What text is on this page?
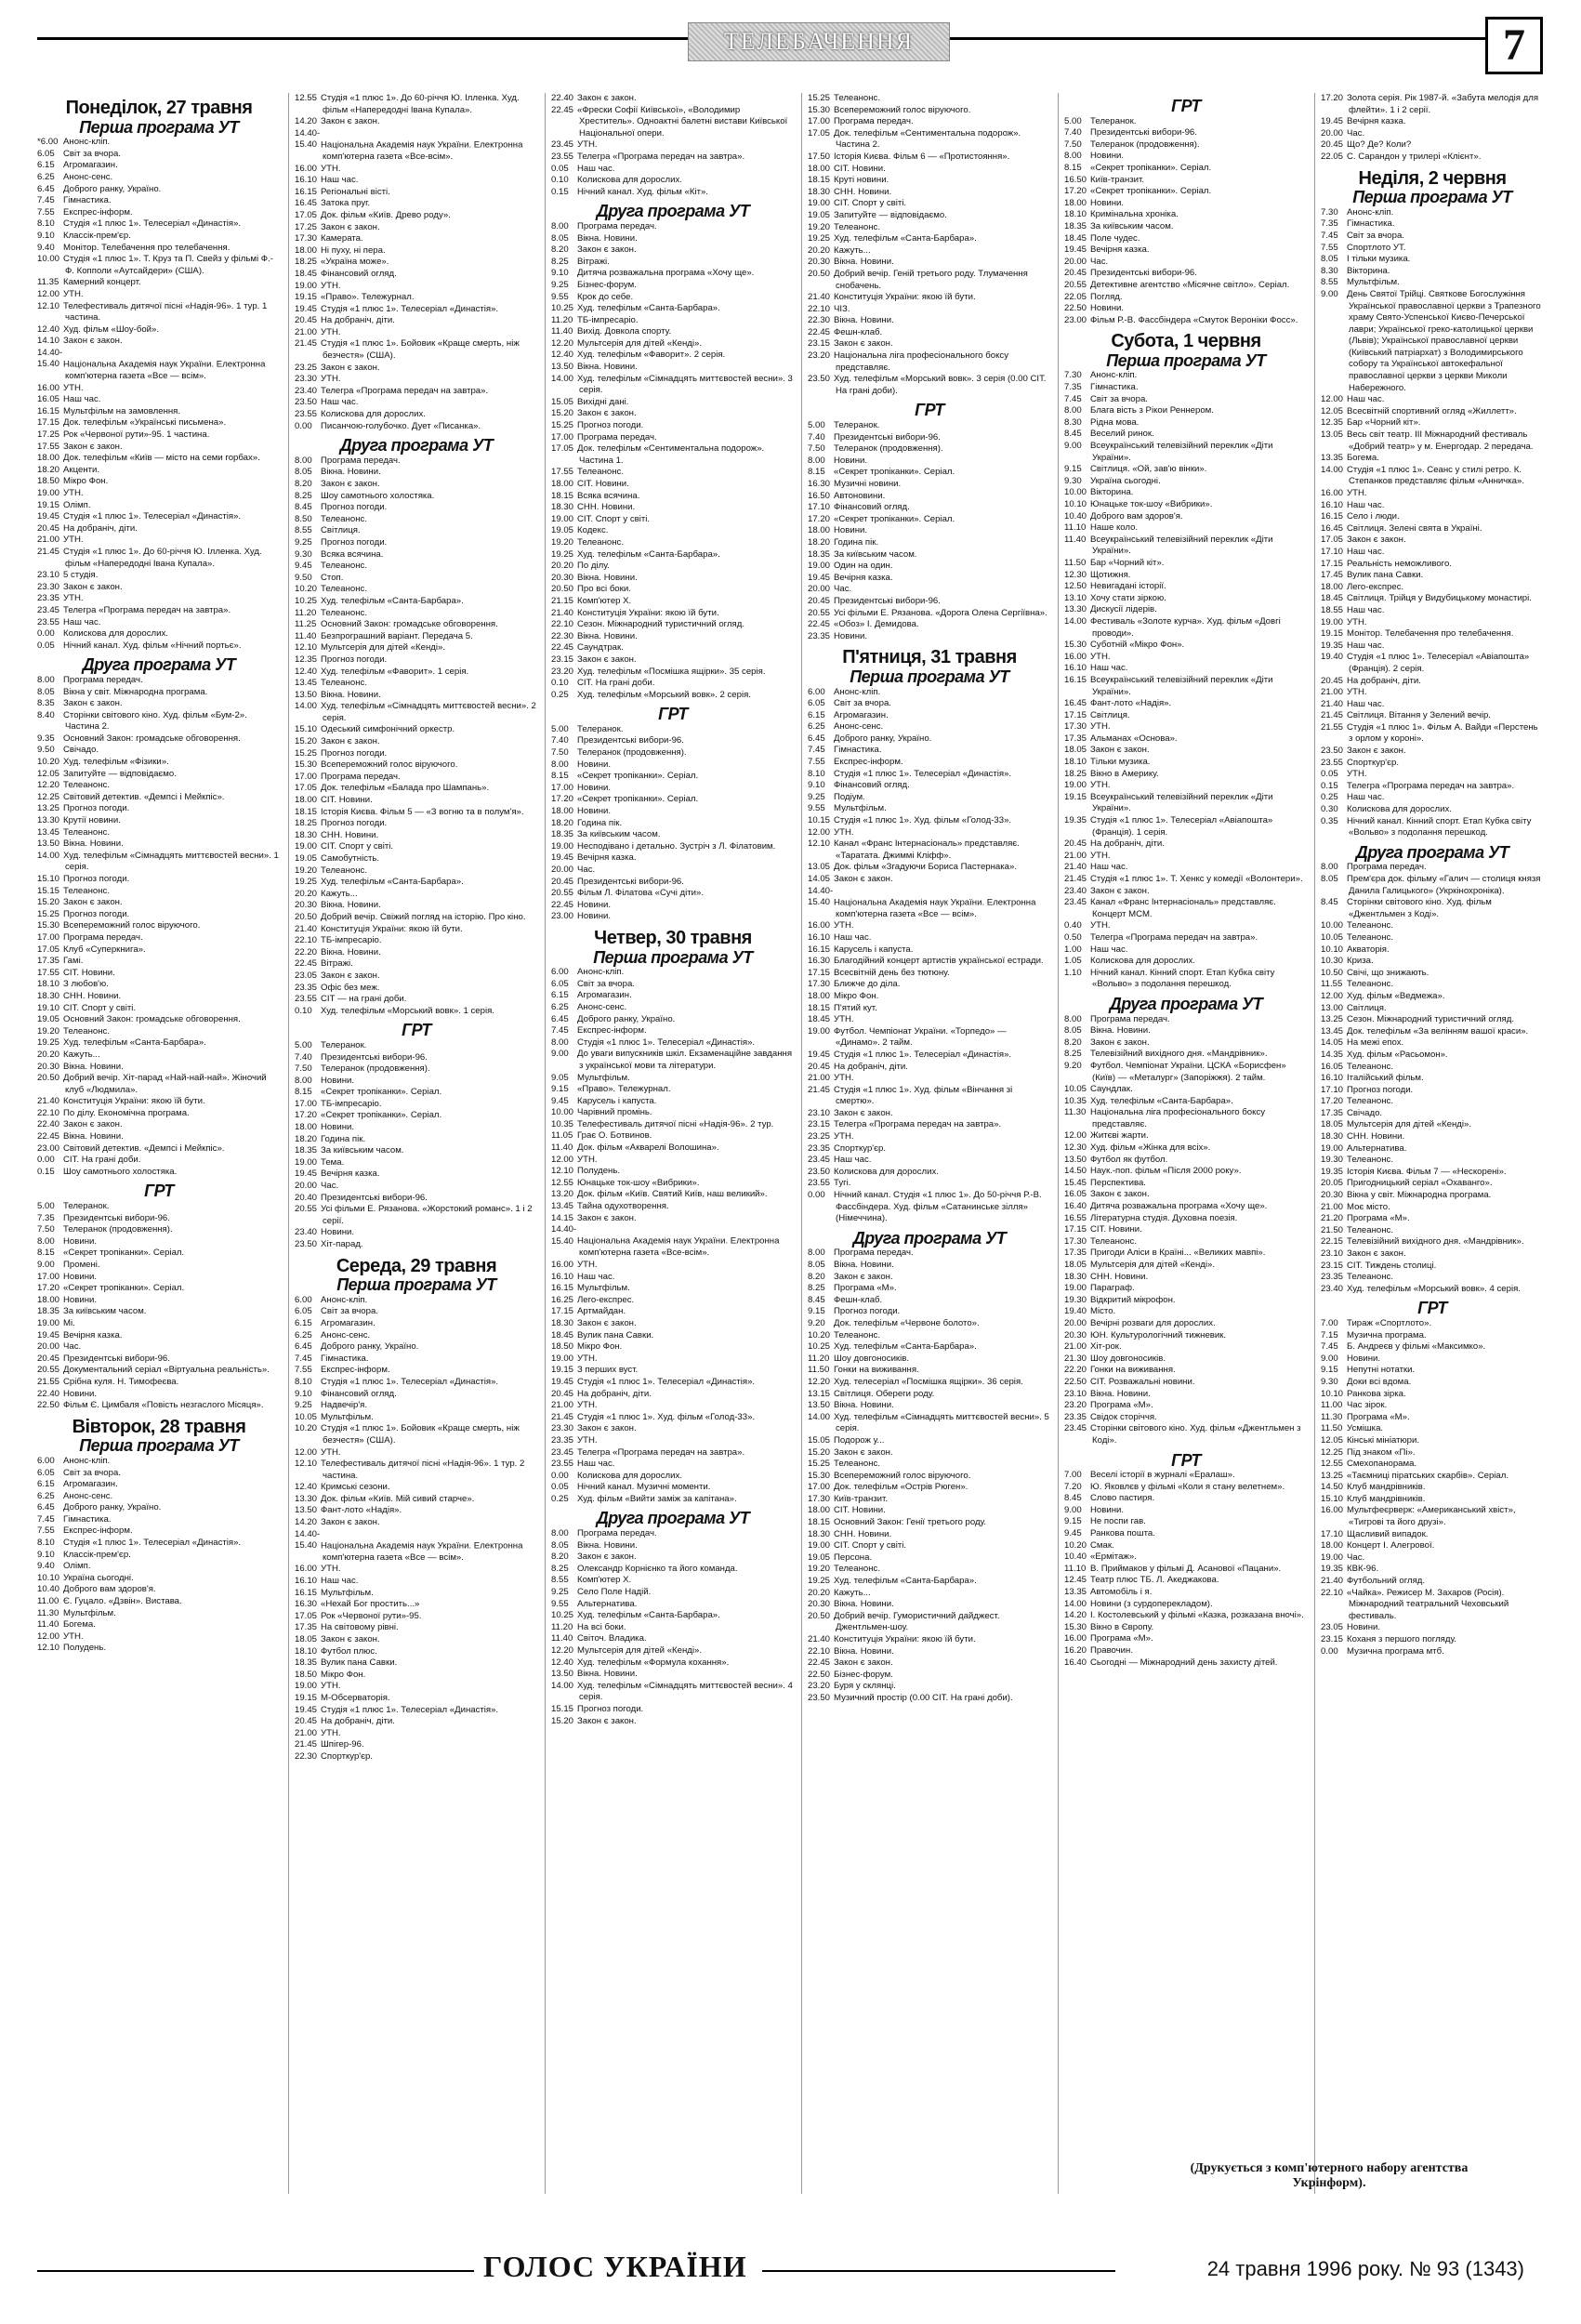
ТЕЛЕБАЧЕННЯ	7
Понеділок, 27 травня
Перша програма УТ
*6.00 Анонс-кліп.
6.05 Світ за вчора.
6.15 Агромагазин.
6.25 Анонс-сенс.
6.45 Доброго ранку, Україно.
7.45 Гімнастика.
7.55 Експрес-інформ.
8.10 Студія «1 плюс 1». Телесеріал «Династія».
9.10 Классік-прем'єр.
9.40 Монітор. Телебачення про телебачення.
10.00 Студія «1 плюс 1». Т. Круз та П. Свейз у фільмі Ф.-Ф. Копполи «Аутсайдери» (США).
11.35 Камерний концерт.
12.00 УТН.
12.10 Телефестиваль дитячої пісні «Надія-96». 1 тур. 1 частина.
12.40 Худ. фільм «Шоу-бой».
14.10 Закон є закон.
14.40-15.40 Національна Академія наук України. Електронна комп'ютерна газета «Все — всім».
16.00 УТН.
16.05 Наш час.
16.15 Мультфільм на замовлення.
17.15 Док. телефільм «Українські письмена».
17.25 Рок «Червоної рути»-95. 1 частина.
17.55 Закон є закон.
18.00 Док. телефільм «Київ — місто на семи горбах».
18.20 Акценти.
18.50 Мікро Фон.
19.00 УТН.
19.15 Олімп.
19.45 Студія «1 плюс 1». Телесеріал «Династія».
20.45 На добраніч, діти.
21.00 УТН.
21.45 Студія «1 плюс 1». До 60-річчя Ю. Ілленка. Худ. фільм «Напередодні Івана Купала».
23.10 5 студія.
23.30 Закон є закон.
23.35 УТН.
23.45 Телегра «Програма передач на завтра».
23.55 Наш час.
0.00 Колискова для дорослих.
0.05 Нічний канал. Худ. фільм «Нічний портьє».
Друга програма УТ
8.00 Програма передач.
8.05 Вікна у світ. Міжнародна програма.
8.35 Закон є закон.
8.40 Сторінки світового кіно. Худ. фільм «Бум-2». Частина 2.
9.35 Основний Закон: громадське обговорення.
9.50 Свічадо.
10.20 Худ. телефільм «Фізики».
12.05 Запитуйте — відповідаємо.
12.20 Телеанонс.
12.25 Світовий детектив. «Демпсі і Мейкпіс».
13.25 Прогноз погоди.
13.30 Крутії новини.
13.45 Телеанонс.
13.50 Вікна. Новини.
14.00 Худ. телефільм «Сімнадцять миттєвостей весни». 1 серія.
15.10 Прогноз погоди.
15.15 Телеанонс.
15.20 Закон є закон.
15.25 Прогноз погоди.
15.30 Всепереможний голос віруючого.
17.00 Програма передач.
17.05 Клуб «Суперкнига».
17.35 Гамі.
17.55 СІТ. Новини.
18.10 З любов'ю.
18.30 СНН. Новини.
19.10 СІТ. Спорт у світі.
19.05 Основний Закон: громадське обговорення.
19.20 Телеанонс.
19.25 Худ. телефільм «Санта-Барбара».
20.20 Кажуть...
20.30 Вікна. Новини.
20.50 Добрий вечір. Хіт-парад «Най-най-най». Жіночий клуб «Людмила».
21.40 Конституція України: якою їй бути.
22.10 По ділу. Економічна програма.
22.40 Закон є закон.
22.45 Вікна. Новини.
23.00 Світовий детектив. «Демпсі і Мейкпіс».
0.00 СІТ. На грані доби.
0.15 Шоу самотнього холостяка.
ГРТ
5.00 Телеранок.
7.35 Президентські вибори-96.
7.50 Телеранок (продовження).
8.00 Новини.
8.15 «Секрет тропіканки». Серіал.
9.00 Промені.
17.00 Новини.
17.20 «Секрет тропіканки». Серіал.
18.00 Новини.
18.35 За київським часом.
19.00 Мі.
19.45 Вечірня казка.
20.00 Час.
20.45 Президентські вибори-96.
20.55 Документальний серіал «Віртуальна реальність».
21.55 Срібна куля. Н. Тимофеєва.
22.40 Новини.
22.50 Фільм Є. Цимбаля «Повість незгаслого Місяця».
Вівторок, 28 травня
Перша програма УТ
6.00 Анонс-кліп.
6.05 Світ за вчора.
6.15 Агромагазин.
6.25 Анонс-сенс.
6.45 Доброго ранку, Україно.
7.45 Гімнастика.
7.55 Експрес-інформ.
8.10 Студія «1 плюс 1». Телесеріал «Династія».
9.10 Классік-прем'єр.
9.40 Олімп.
10.10 Україна сьогодні.
10.40 Доброго вам здоров'я.
11.00 Є. Гуцало. «Дзвін». Вистава.
11.30 Мультфільм.
11.40 Богема.
12.00 УТН.
12.10 Полудень.
12.55 Студія «1 плюс 1». До 60-річчя Ю. Ілленка. Худ. фільм «Напередодні Івана Купала».
14.20 Закон є закон.
14.40-15.40 Національна Академія наук України. Електронна комп'ютерна газета «Все-всім».
16.00 УТН.
16.10 Наш час.
16.15 Регіональні вісті.
16.45 Затока пруг.
17.05 Док. фільм «Київ. Древо роду».
17.25 Закон є закон.
17.30 Камерата.
18.00 Ні пуху, ні пера.
18.25 «Україна може».
18.45 Фінансовий огляд.
19.00 УТН.
19.15 «Право». Тележурнал.
19.45 Студія «1 плюс 1». Телесеріал «Династія».
20.45 На добраніч, діти.
21.00 УТН.
21.45 Студія «1 плюс 1». Бойовик «Краще смерть, ніж безчестя» (США).
23.25 Закон є закон.
23.30 УТН.
23.40 Телегра «Програма передач на завтра».
23.50 Наш час.
23.55 Колискова для дорослих.
0.00 Писанчою-голубочко. Дует «Писанка».
Друга програма УТ
8.00 Програма передач.
8.05 Вікна. Новини.
8.20 Закон є закон.
8.25 Шоу самотнього холостяка.
8.45 Прогноз погоди.
8.50 Телеанонс.
8.55 Світлиця.
9.25 Прогноз погоди.
9.30 Всяка всячина.
9.45 Телеанонс.
9.50 Стоп.
10.20 Телеанонс.
10.25 Худ. телефільм «Санта-Барбара».
11.20 Телеанонс.
11.25 Основний Закон: громадське обговорення.
11.40 Безпрограшний варіант. Передача 5.
12.10 Мультсерія для дітей «Кенді».
12.35 Прогноз погоди.
12.40 Худ. телефільм «Фаворит». 1 серія.
13.45 Телеанонс.
13.50 Вікна. Новини.
14.00 Худ. телефільм «Сімнадцять миттєвостей весни». 2 серія.
15.10 Одеський симфонічний оркестр.
15.20 Закон є закон.
15.25 Прогноз погоди.
15.30 Всепереможний голос віруючого.
17.00 Програма передач.
17.05 Док. телефільм «Балада про Шампань».
18.00 СІТ. Новини.
18.15 Історія Києва. Фільм 5 — «З вогню та в полум'я».
18.25 Прогноз погоди.
18.30 СНН. Новини.
19.00 СІТ. Спорт у світі.
19.05 Самобутність.
19.20 Телеанонс.
19.25 Худ. телефільм «Санта-Барбара».
20.20 Кажуть...
20.30 Вікна. Новини.
20.50 Добрий вечір. Свіжий погляд на історію. Про кіно.
21.40 Конституція України: якою їй бути.
22.10 ТБ-імпресаріо.
22.20 Вікна. Новини.
22.45 Вітражі.
23.05 Закон є закон.
23.35 Офіс без меж.
23.55 СІТ — на грані доби.
0.10 Худ. телефільм «Морський вовк». 1 серія.
ГРТ
5.00 Телеранок.
7.40 Президентські вибори-96.
7.50 Телеранок (продовження).
8.00 Новини.
8.15 «Секрет тропіканки». Серіал.
17.00 ТБ-імпресаріо.
17.20 «Секрет тропіканки». Серіал.
18.00 Новини.
18.20 Година пік.
18.35 За київським часом.
19.00 Тема.
19.45 Вечірня казка.
20.00 Час.
20.40 Президентські вибори-96.
20.55 Усі фільми Е. Рязанова. «Жорстокий романс». 1 і 2 серії.
23.40 Новини.
23.50 Хіт-парад.
Середа, 29 травня
Перша програма УТ
6.00 Анонс-кліп.
6.05 Світ за вчора.
6.15 Агромагазин.
6.25 Анонс-сенс.
6.45 Доброго ранку, Україно.
7.45 Гімнастика.
7.55 Експрес-інформ.
8.10 Студія «1 плюс 1». Телесеріал «Династія».
9.10 Фінансовий огляд.
9.25 Надвечір'я.
10.05 Мультфільм.
10.20 Студія «1 плюс 1». Бойовик «Краще смерть, ніж безчестя» (США).
12.00 УТН.
12.10 Телефестиваль дитячої пісні «Надія-96». 1 тур. 2 частина.
12.40 Кримські сезони.
13.30 Док. фільм «Київ. Мій сивий старче».
13.50 Фант-лото «Надія».
14.20 Закон є закон.
14.40-15.40 Національна Академія наук України. Електронна комп'ютерна газета «Все — всім».
16.00 УТН.
16.10 Наш час.
16.15 Мультфільм.
16.30 «Нехай Бог простить...»
17.05 Рок «Червоної рути»-95.
17.35 На світовому рівні.
18.05 Закон є закон.
18.10 Футбол плюс.
18.35 Вулик пана Савки.
18.50 Мікро Фон.
19.00 УТН.
19.15 М-Обсерваторія.
19.45 Студія «1 плюс 1». Телесеріал «Династія».
20.45 На добраніч, діти.
21.00 УТН.
21.45 Шпігер-96.
22.30 Спорткур'єр.
22.40 Закон є закон.
22.45 «Фрески Софії Київської», «Володимир Хреститель». Одноактні балетні вистави Київської Національної опери.
23.45 УТН.
23.55 Телегра «Програма передач на завтра».
0.05 Наш час.
0.10 Колискова для дорослих.
0.15 Нічний канал. Худ. фільм «Кіт».
Друга програма УТ
8.00 Програма передач.
8.05 Вікна. Новини.
8.20 Закон є закон.
8.25 Вітражі.
9.10 Дитяча розважальна програма «Хочу ще».
9.25 Бізнес-форум.
9.55 Крок до себе.
10.25 Худ. телефільм «Санта-Барбара».
11.20 ТБ-імпресаріо.
11.40 Вихід. Довкола спорту.
12.20 Мультсерія для дітей «Кенді».
12.40 Худ. телефільм «Фаворит». 2 серія.
13.50 Вікна. Новини.
14.00 Худ. телефільм «Сімнадцять миттєвостей весни». 3 серія.
15.05 Вихідні дані.
15.20 Закон є закон.
15.25 Прогноз погоди.
17.00 Програма передач.
17.05 Док. телефільм «Сентиментальна подорож». Частина 1.
17.55 Телеанонс.
18.00 СІТ. Новини.
18.15 Всяка всячина.
18.30 СНН. Новини.
19.00 СІТ. Спорт у світі.
19.05 Кодекс.
19.20 Телеанонс.
19.25 Худ. телефільм «Санта-Барбара».
20.20 По ділу.
20.30 Вікна. Новини.
20.50 Про всі боки.
21.15 Комп'ютер Х.
21.40 Конституція України: якою їй бути.
22.10 Сезон. Міжнародний туристичний огляд.
22.30 Вікна. Новини.
22.45 Саундтрак.
23.15 Закон є закон.
23.20 Худ. телефільм «Посмішка ящірки». 35 серія.
0.10 СІТ. На грані доби.
0.25 Худ. телефільм «Морський вовк». 2 серія.
ГРТ
5.00 Телеранок.
7.40 Президентські вибори-96.
7.50 Телеранок (продовження).
8.00 Новини.
8.15 «Секрет тропіканки». Серіал.
17.00 Новини.
17.20 «Секрет тропіканки». Серіал.
18.00 Новини.
18.20 Година пік.
18.35 За київським часом.
19.00 Несподівано і детально. Зустріч з Л. Філатовим.
19.45 Вечірня казка.
20.00 Час.
20.45 Президентські вибори-96.
20.55 Фільм Л. Філатова «Сучі діти».
22.45 Новини.
23.00 Новини.
Четвер, 30 травня
Перша програма УТ
6.00 Анонс-кліп.
6.05 Світ за вчора.
6.15 Агромагазин.
6.25 Анонс-сенс.
6.45 Доброго ранку, Україно.
7.45 Експрес-інформ.
8.00 Студія «1 плюс 1». Телесеріал «Династія».
9.00 До уваги випускників шкіл. Екзаменаційне завдання з української мови та літератури.
9.05 Мультфільм.
9.15 «Право». Тележурнал.
9.45 Карусель і капуста.
10.00 Чарівний промінь.
10.35 Телефестиваль дитячої пісні «Надія-96». 2 тур.
11.05 Грає О. Ботвинов.
11.40 Док. фільм «Акварелі Волошина».
12.00 УТН.
12.10 Полудень.
12.55 Юнацьке ток-шоу «Вибрики».
13.20 Док. фільм «Київ. Святий Київ, наш великий».
13.45 Тайна одухотворення.
14.15 Закон є закон.
14.40-15.40 Національна Академія наук України. Електронна комп'ютерна газета «Все-всім».
16.00 УТН.
16.10 Наш час.
16.15 Мультфільм.
16.25 Лего-експрес.
17.15 Артмайдан.
18.30 Закон є закон.
18.45 Вулик пана Савки.
18.50 Мікро Фон.
19.00 УТН.
19.15 З перших вуст.
19.45 Студія «1 плюс 1». Телесеріал «Династія».
20.45 На добраніч, діти.
21.00 УТН.
21.45 Студія «1 плюс 1». Худ. фільм «Голод-33».
23.30 Закон є закон.
23.35 УТН.
23.45 Телегра «Програма передач на завтра».
23.55 Наш час.
0.00 Колискова для дорослих.
0.05 Нічний канал. Музичні моменти.
0.25 Худ. фільм «Вийти заміж за капітана».
Друга програма УТ
8.00 Програма передач.
8.05 Вікна. Новини.
8.20 Закон є закон.
8.25 Олександр Корнієнко та його команда.
8.55 Комп'ютер Х.
9.25 Село Поле Надій.
9.55 Альтернатива.
10.25 Худ. телефільм «Санта-Барбара».
11.20 На всі боки.
11.40 Світоч. Владика.
12.20 Мультсерія для дітей «Кенді».
12.40 Худ. телефільм «Формула кохання».
13.50 Вікна. Новини.
14.00 Худ. телефільм «Сімнадцять миттєвостей весни». 4 серія.
15.15 Прогноз погоди.
15.20 Закон є закон.
15.25 Телеанонс.
15.30 Всепереможний голос віруючого.
17.00 Програма передач.
17.05 Док. телефільм «Сентиментальна подорож». Частина 2.
17.50 Історія Києва. Фільм 6 — «Протистояння».
18.00 СІТ. Новини.
18.15 Круті новини.
18.30 СНН. Новини.
19.00 СІТ. Спорт у світі.
19.05 Запитуйте — відповідаємо.
19.20 Телеанонс.
19.25 Худ. телефільм «Санта-Барбара».
20.20 Кажуть...
20.30 Вікна. Новини.
20.50 Добрий вечір. Геній третього роду. Тлумачення снобачень.
21.40 Конституція України: якою їй бути.
22.10 ЧІЗ.
22.30 Вікна. Новини.
22.45 Фешн-клаб.
23.15 Закон є закон.
23.20 Національна ліга професіонального боксу представляє.
23.50 Худ. телефільм «Морський вовк». 3 серія (0.00 СІТ. На грані доби).
ГРТ
5.00 Телеранок.
7.40 Президентські вибори-96.
7.50 Телеранок (продовження).
8.00 Новини.
8.15 «Секрет тропіканки». Серіал.
16.30 Музичні новини.
16.50 Автоновини.
17.10 Фінансовий огляд.
17.20 «Секрет тропіканки». Серіал.
18.00 Новини.
18.20 Година пік.
18.35 За київським часом.
19.00 Один на один.
19.45 Вечірня казка.
20.00 Час.
20.45 Президентські вибори-96.
20.55 Усі фільми Е. Рязанова. «Дорога Олена Сергіївна».
22.45 «Обоз» І. Демидова.
23.35 Новини.
П'ятниця, 31 травня
Перша програма УТ
6.00 Анонс-кліп.
6.05 Світ за вчора.
6.15 Агромагазин.
6.25 Анонс-сенс.
6.45 Доброго ранку, Україно.
7.45 Гімнастика.
7.55 Експрес-інформ.
8.10 Студія «1 плюс 1». Телесеріал «Династія».
9.10 Фінансовий огляд.
9.25 Подіум.
9.55 Мультфільм.
10.15 Студія «1 плюс 1». Худ. фільм «Голод-33».
12.00 УТН.
12.10 Канал «Франс Інтернасіональ» представляє. «Таратата. Джиммі Кліфф».
13.05 Док. фільм «Згадуючи Бориса Пастернака».
14.05 Закон є закон.
14.40-15.40 Національна Академія наук України. Електронна комп'ютерна газета «Все — всім».
16.00 УТН.
16.10 Наш час.
16.15 Карусель і капуста.
16.30 Благодійний концерт артистів української естради.
17.15 Всесвітній день без тютюну.
17.30 Ближче до діла.
18.00 Мікро Фон.
18.15 П'ятий кут.
18.45 УТН.
19.00 Футбол. Чемпіонат України. «Торпедо» — «Динамо». 2 тайм.
19.45 Студія «1 плюс 1». Телесеріал «Династія».
20.45 На добраніч, діти.
21.00 УТН.
21.45 Студія «1 плюс 1». Худ. фільм «Вінчання зі смертю».
23.10 Закон є закон.
23.15 Телегра «Програма передач на завтра».
23.25 УТН.
23.35 Спорткур'єр.
23.45 Наш час.
23.50 Колискова для дорослих.
23.55 Тугі.
0.00 Нічний канал. Студія «1 плюс 1». До 50-річчя Р.-В. Фассбіндера. Худ. фільм «Сатанинське зілля» (Німеччина).
Друга програма УТ
8.00 Програма передач.
8.05 Вікна. Новини.
8.20 Закон є закон.
8.25 Програма «М».
8.45 Фешн-клаб.
9.15 Прогноз погоди.
9.20 Док. телефільм «Червоне болото».
10.20 Телеанонс.
10.25 Худ. телефільм «Санта-Барбара».
11.20 Шоу довгоносиків.
11.50 Гонки на виживання.
12.20 Худ. телесеріал «Посмішка ящірки». 36 серія.
13.15 Світлиця. Обереги роду.
13.50 Вікна. Новини.
14.00 Худ. телефільм «Сімнадцять миттєвостей весни». 5 серія.
15.05 Подорож у...
15.20 Закон є закон.
15.25 Телеанонс.
15.30 Всепереможний голос віруючого.
17.00 Док. телефільм «Острів Рюген».
17.30 Київ-транзит.
18.00 СІТ. Новини.
18.15 Основний Закон: Генії третього роду.
18.30 СНН. Новини.
19.00 СІТ. Спорт у світі.
19.05 Персона.
19.20 Телеанонс.
19.25 Худ. телефільм «Санта-Барбара».
20.20 Кажуть...
20.30 Вікна. Новини.
20.50 Добрий вечір. Гумористичний дайджест. Джентльмен-шоу.
21.40 Конституція України: якою їй бути.
22.10 Вікна. Новини.
22.45 Закон є закон.
22.50 Бізнес-форум.
23.20 Буря у склянці.
23.50 Музичний простір (0.00 СІТ. На грані доби).
ГРТ
5.00 Телеранок.
7.40 Президентські вибори-96.
7.50 Телеранок (продовження).
8.00 Новини.
8.15 «Секрет тропіканки». Серіал.
16.50 Київ-транзит.
17.20 «Секрет тропіканки». Серіал.
18.00 Новини.
18.10 Кримінальна хроніка.
18.35 За київським часом.
18.45 Поле чудес.
19.45 Вечірня казка.
20.00 Час.
20.45 Президентські вибори-96.
20.55 Детективне агентство «Місячне світло». Серіал.
22.05 Погляд.
22.50 Новини.
23.00 Фільм Р.-В. Фассбіндера «Смуток Вероніки Фосс».
Субота, 1 червня
Перша програма УТ
7.30 Анонс-кліп.
7.35 Гімнастика.
7.45 Світ за вчора.
8.00 Блага вість з Рікои Реннером.
8.30 Рідна мова.
8.45 Веселий ринок.
9.00 Всеукраїнський телевізійний переклик «Діти України».
9.15 Світлиця. «Ой, зав'ю вінки».
9.30 Україна сьогодні.
10.00 Вікторина.
10.10 Юнацьке ток-шоу «Вибрики».
10.40 Доброго вам здоров'я.
11.10 Наше коло.
11.40 Всеукраїнський телевізійний переклик «Діти України».
11.50 Бар «Чорний кіт».
12.30 Щотижня.
12.50 Невигадані історії.
13.10 Хочу стати зіркою.
13.30 Дискусії лідерів.
14.00 Фестиваль «Золоте курча». Худ. фільм «Довгі проводи».
15.30 Суботній «Мікро Фон».
16.00 УТН.
16.10 Наш час.
16.15 Всеукраїнський телевізійний переклик «Діти України».
16.45 Фант-лото «Надія».
17.15 Світлиця.
17.30 УТН.
17.35 Альманах «Основа».
18.05 Закон є закон.
18.10 Тільки музика.
18.25 Вікно в Америку.
19.00 УТН.
19.15 Всеукраїнський телевізійний переклик «Діти України».
19.35 Студія «1 плюс 1». Телесеріал «Авіапошта» (Франція). 1 серія.
20.45 На добраніч, діти.
21.00 УТН.
21.40 Наш час.
21.45 Студія «1 плюс 1». Т. Хенкс у комедії «Волонтери».
23.40 Закон є закон.
23.45 Канал «Франс Інтернасіональ» представляє. Концерт МСМ.
0.40 УТН.
0.50 Телегра «Програма передач на завтра».
1.00 Наш час.
1.05 Колискова для дорослих.
1.10 Нічний канал. Кінний спорт. Етап Кубка світу «Вольво» з подолання перешкод.
Друга програма УТ
8.00 Програма передач.
8.05 Вікна. Новини.
8.20 Закон є закон.
8.25 Телевізійний вихідного дня. «Мандрівник».
9.20 Футбол. Чемпіонат України. ЦСКА «Борисфен» (Київ) — «Металург» (Запоріжжя). 2 тайм.
10.05 Саундлак.
10.35 Худ. телефільм «Санта-Барбара».
11.30 Національна ліга професіонального боксу представляє.
12.00 Житєві жарти.
12.30 Худ. фільм «Жінка для всіх».
13.50 Футбол як футбол.
14.50 Наук.-поп. фільм «Після 2000 року».
15.45 Перспектива.
16.05 Закон є закон.
16.40 Дитяча розважальна програма «Хочу ще».
16.55 Літературна студія. Духовна поезія.
17.15 СІТ. Новини.
17.30 Телеанонс.
17.35 Пригоди Аліси в Країні... «Великих мавпі».
18.05 Мультсерія для дітей «Кенді».
18.30 СНН. Новини.
19.00 Параграф.
19.30 Відкритий мікрофон.
19.40 Місто.
20.00 Вечірні розваги для дорослих.
20.30 ЮН. Культурологічний тижневик.
21.00 Хіт-рок.
21.30 Шоу довгоносиків.
22.20 Гонки на виживання.
22.50 СІТ. Розважальні новини.
23.10 Вікна. Новини.
23.20 Програма «М».
23.35 Свідок сторіччя.
23.45 Сторінки світового кіно. Худ. фільм «Джентльмен з Коді».
ГРТ
7.00 Веселі історії в журналі «Ералаш».
7.20 Ю. Яковлєв у фільмі «Коли я стану велетнем».
8.45 Слово пастиря.
9.00 Новини.
9.15 Не поспи гав.
9.45 Ранкова пошта.
10.20 Смак.
10.40 «Ермітаж».
11.10 В. Приймаков у фільмі Д. Асанової «Пацани».
12.45 Театр плюс ТБ. Л. Акеджакова.
13.35 Автомобіль і я.
14.00 Новини (з сурдоперекладом).
14.20 І. Костолевський у фільмі «Казка, розказана вночі».
15.30 Вікно в Європу.
16.00 Програма «М».
16.20 Правочин.
16.40 Сьогодні — Міжнародний день захисту дітей.
17.20 Золота серія. Рік 1987-й. «Забута мелодія для флейти». 1 і 2 серії.
19.45 Вечірня казка.
20.00 Час.
20.45 Що? Де? Коли?
22.05 С. Сарандон у трилері «Клієнт».
Неділя, 2 червня
Перша програма УТ
7.30 Анонс-кліп.
7.35 Гімнастика.
7.45 Світ за вчора.
7.55 Спортлото УТ.
8.05 І тільки музика.
8.30 Вікторина.
8.55 Мультфільм.
9.00 День Святої Трійці. Святкове Богослужіння Української православної церкви з Трапезного храму Свято-Успенської Києво-Печерської лаври; Української греко-католицької церкви (Львів); Української православної церкви (Київський патріархат) з Володимирського собору та Української автокефальної православної церкви з церкви Миколи Набережного.
12.00 Наш час.
12.05 Всесвітній спортивний огляд «Жиллетт».
12.35 Бар «Чорний кіт».
13.05 Весь світ театр. III Міжнародний фестиваль «Добрий театр» у м. Енергодар. 2 передача.
13.35 Богема.
14.00 Студія «1 плюс 1». Сеанс у стилі ретро. К. Степанков представляє фільм «Анничка».
16.00 УТН.
16.10 Наш час.
16.15 Село і люди.
16.45 Світлиця. Зелені свята в Україні.
17.05 Закон є закон.
17.10 Наш час.
17.15 Реальність неможливого.
17.45 Вулик пана Савки.
18.00 Лего-експрес.
18.45 Світлиця. Трійця у Видубицькому монастирі.
18.55 Наш час.
19.00 УТН.
19.15 Монітор. Телебачення про телебачення.
19.35 Наш час.
19.40 Студія «1 плюс 1». Телесеріал «Авіапошта» (Франція). 2 серія.
20.45 На добраніч, діти.
21.00 УТН.
21.40 Наш час.
21.45 Світлиця. Вітання у Зелений вечір.
21.55 Студія «1 плюс 1». Фільм А. Вайди «Перстень з орлом у короні».
23.50 Закон є закон.
23.55 Спорткур'єр.
0.05 УТН.
0.15 Телегра «Програма передач на завтра».
0.25 Наш час.
0.30 Колискова для дорослих.
0.35 Нічний канал. Кінний спорт. Етап Кубка світу «Вольво» з подолання перешкод.
Друга програма УТ
8.00 Програма передач.
8.05 Прем'єра док. фільму «Галич — столиця князя Данила Галицького» (Укркінохроніка).
8.45 Сторінки світового кіно. Худ. фільм «Джентльмен з Коді».
10.00 Телеанонс.
10.05 Телеанонс.
10.10 Акваторія.
10.30 Криза.
10.50 Свічі, що знижають.
11.55 Телеанонс.
12.00 Худ. фільм «Ведмежа».
13.00 Світлиця.
13.25 Сезон. Міжнародний туристичний огляд.
13.45 Док. телефільм «За велінням вашої краси».
14.05 На межі епох.
14.35 Худ. фільм «Расьомон».
16.05 Телеанонс.
16.10 Італійський фільм.
17.10 Прогноз погоди.
17.20 Телеанонс.
17.35 Свічадо.
18.05 Мультсерія для дітей «Кенді».
18.30 СНН. Новини.
19.00 Альтернатива.
19.30 Телеанонс.
19.35 Історія Києва. Фільм 7 — «Нескорені».
20.05 Пригодницький серіал «Охаванго».
20.30 Вікна у світ. Міжнародна програма.
21.00 Моє місто.
21.20 Програма «М».
21.50 Телеанонс.
22.15 Телевізійний вихідного дня. «Мандрівник».
23.10 Закон є закон.
23.15 СІТ. Тиждень столиці.
23.35 Телеанонс.
23.40 Худ. телефільм «Морський вовк». 4 серія.
ГРТ
7.00 Тираж «Спортлото».
7.15 Музична програма.
7.45 Б. Андреєв у фільмі «Максимко».
9.00 Новини.
9.15 Непутні нотатки.
9.30 Доки всі вдома.
10.10 Ранкова зірка.
11.00 Час зірок.
11.30 Програма «М».
11.50 Усмішка.
12.05 Кінські мініатюри.
12.25 Під знаком «Пі».
12.55 Смехопанорама.
13.25 «Таємниці піратських скарбів». Серіал.
14.50 Клуб мандрівників.
15.10 Клуб мандрівників.
16.00 Мультфеєрверк: «Американський хвіст», «Тигрові та його друзі».
17.10 Щасливий випадок.
18.00 Концерт І. Алегрової.
19.00 Час.
19.35 КВК-96.
21.40 Футбольний огляд.
22.10 «Чайка». Режисер М. Захаров (Росія). Міжнародний театральний Чеховський фестиваль.
23.05 Новини.
23.15 Коханя з першого погляду.
0.00 Музична програма мтб.
(Друкується з комп'ютерного набору агентства Укрінформ).
ГОЛОС УКРАЇНИ	24 травня 1996 року. № 93 (1343)
